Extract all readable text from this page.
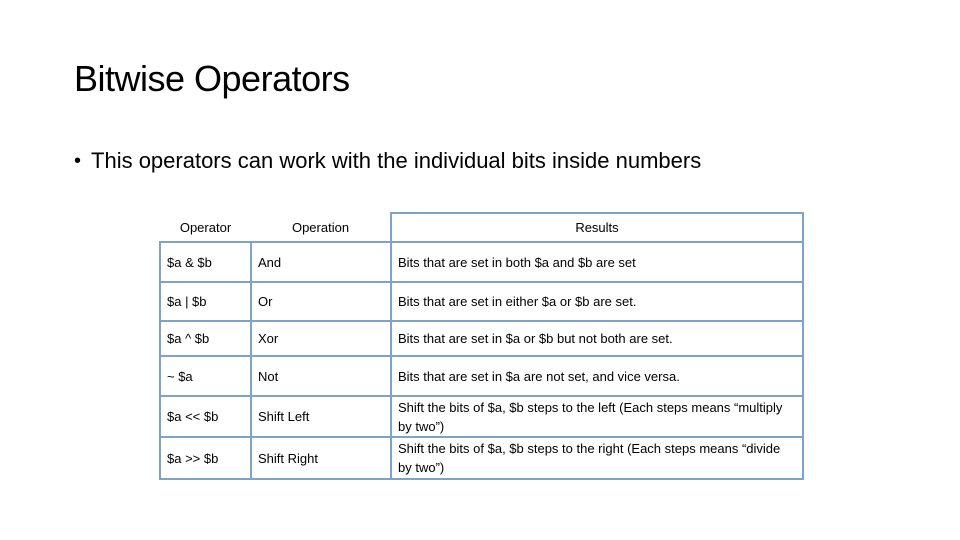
Bitwise Operators
• This operators can work with the individual bits inside numbers
Operator	Operation	Results
$a & $b	And	Bits that are set in both $a and $b are set
$a | $b	Or	Bits that are set in either $a or $b are set.
$a ^ $b	Xor	Bits that are set in $a or $b but not both are set.
~ $a	Not	Bits that are set in $a are not set, and vice versa.
$a << $b	Shift Left	Shift the bits of $a, $b steps to the left (Each steps means “multiply by two”)
$a >> $b	Shift Right	Shift the bits of $a, $b steps to the right (Each steps means “divide by two”)
